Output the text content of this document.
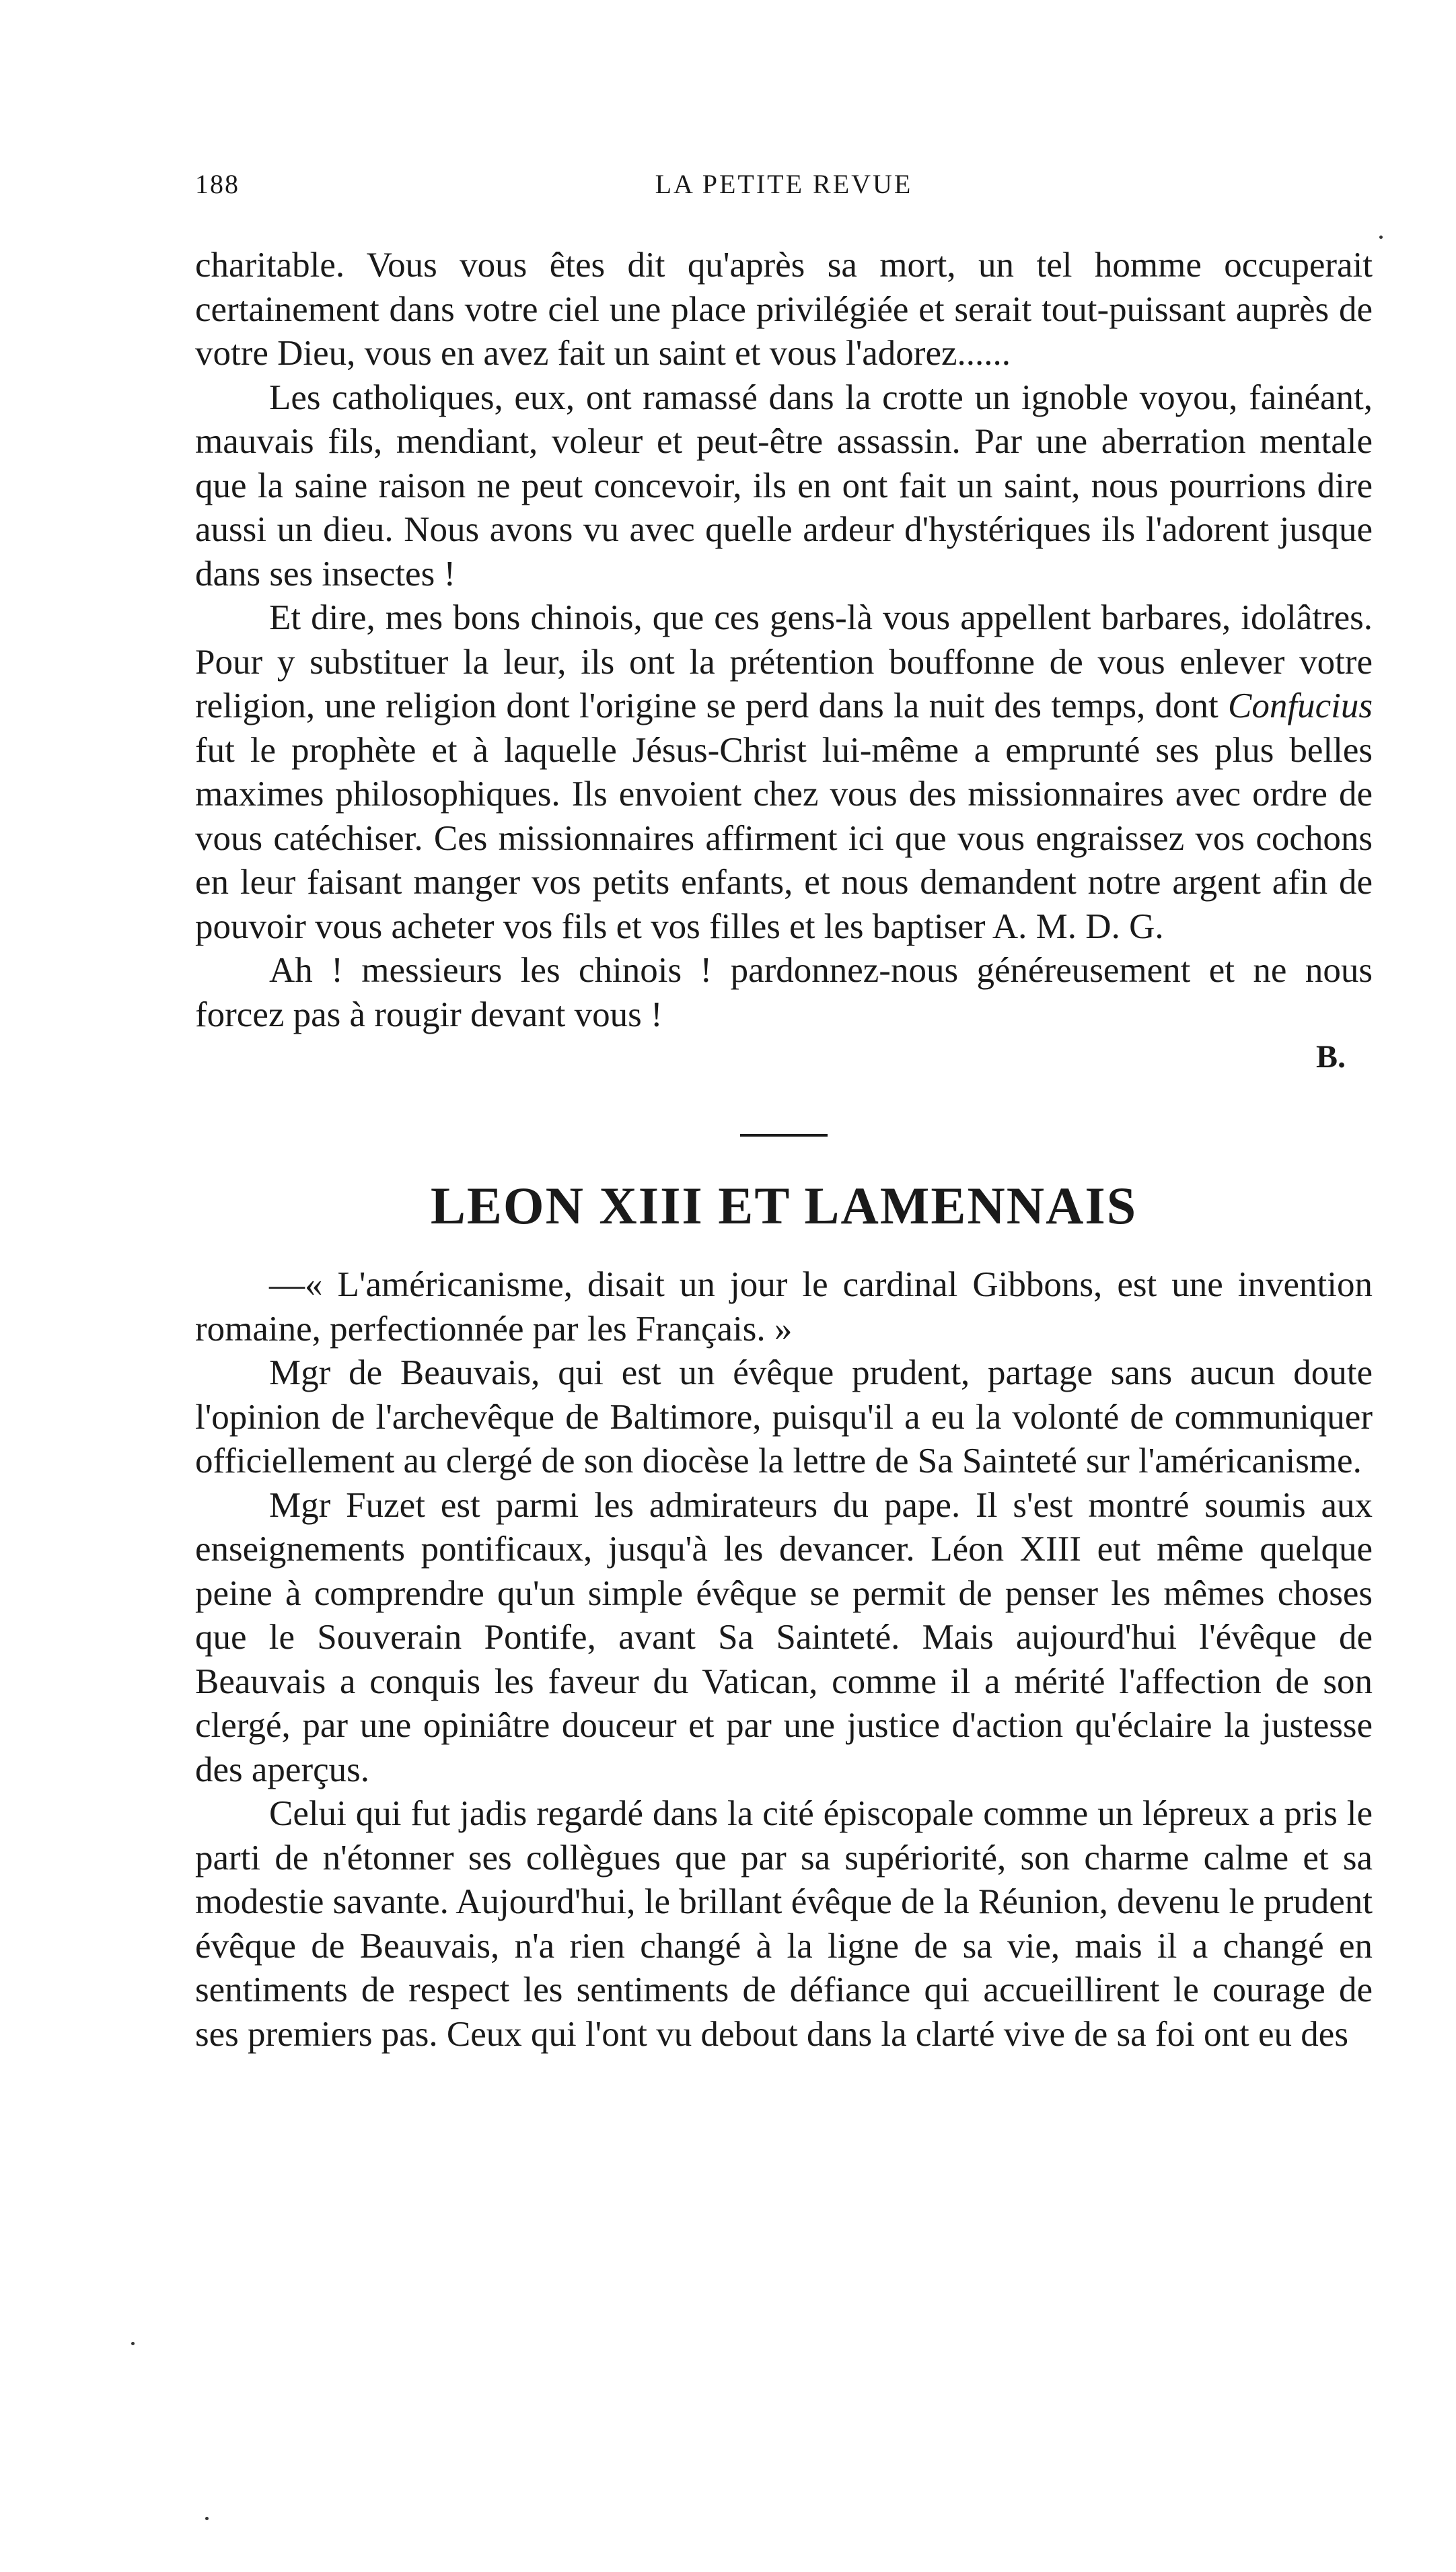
188	LA PETITE REVUE

charitable. Vous vous êtes dit qu'après sa mort, un tel homme occuperait certainement dans votre ciel une place privilégiée et serait tout-puissant auprès de votre Dieu, vous en avez fait un saint et vous l'adorez......

Les catholiques, eux, ont ramassé dans la crotte un ignoble voyou, fainéant, mauvais fils, mendiant, voleur et peut-être assassin. Par une aberration mentale que la saine raison ne peut concevoir, ils en ont fait un saint, nous pourrions dire aussi un dieu. Nous avons vu avec quelle ardeur d'hystériques ils l'adorent jusque dans ses insectes !

Et dire, mes bons chinois, que ces gens-là vous appellent barbares, idolâtres. Pour y substituer la leur, ils ont la prétention bouffonne de vous enlever votre religion, une religion dont l'origine se perd dans la nuit des temps, dont Confucius fut le prophète et à laquelle Jésus-Christ lui-même a emprunté ses plus belles maximes philosophiques. Ils envoient chez vous des missionnaires avec ordre de vous catéchiser. Ces missionnaires affirment ici que vous engraissez vos cochons en leur faisant manger vos petits enfants, et nous demandent notre argent afin de pouvoir vous acheter vos fils et vos filles et les baptiser A. M. D. G.

Ah ! messieurs les chinois ! pardonnez-nous généreusement et ne nous forcez pas à rougir devant vous !

B.
LEON XIII ET LAMENNAIS

—« L'américanisme, disait un jour le cardinal Gibbons, est une invention romaine, perfectionnée par les Français. »

Mgr de Beauvais, qui est un évêque prudent, partage sans aucun doute l'opinion de l'archevêque de Baltimore, puisqu'il a eu la volonté de communiquer officiellement au clergé de son diocèse la lettre de Sa Sainteté sur l'américanisme.

Mgr Fuzet est parmi les admirateurs du pape. Il s'est montré soumis aux enseignements pontificaux, jusqu'à les devancer. Léon XIII eut même quelque peine à comprendre qu'un simple évêque se permit de penser les mêmes choses que le Souverain Pontife, avant Sa Sainteté. Mais aujourd'hui l'évêque de Beauvais a conquis les faveur du Vatican, comme il a mérité l'affection de son clergé, par une opiniâtre douceur et par une justice d'action qu'éclaire la justesse des aperçus.

Celui qui fut jadis regardé dans la cité épiscopale comme un lépreux a pris le parti de n'étonner ses collègues que par sa supériorité, son charme calme et sa modestie savante. Aujourd'hui, le brillant évêque de la Réunion, devenu le prudent évêque de Beauvais, n'a rien changé à la ligne de sa vie, mais il a changé en sentiments de respect les sentiments de défiance qui accueillirent le courage de ses premiers pas. Ceux qui l'ont vu debout dans la clarté vive de sa foi ont eu des
